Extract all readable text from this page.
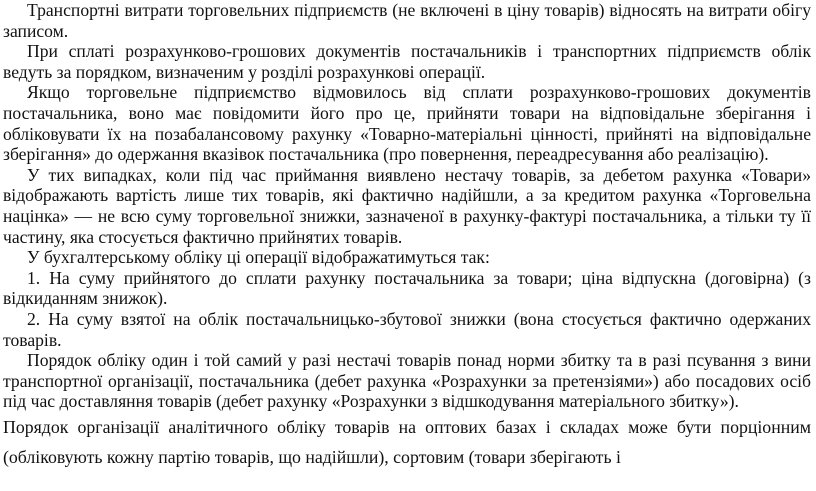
Транспортні витрати торговельних підприємств (не включені в ціну товарів) відносять на витрати обігу записом.

При сплаті розрахунково-грошових документів постачальників і транспортних підприємств облік ведуть за порядком, визначеним у розділі розрахункові операції.

Якщо торговельне підприємство відмовилось від сплати розрахунково-грошових документів постачальника, воно має повідомити його про це, прийняти товари на відповідальне зберігання і обліковувати їх на позабалансовому рахунку «Товарно-матеріальні цінності, прийняті на відповідальне зберігання» до одержання вказівок постачальника (про повернення, переадресування або реалізацію).

У тих випадках, коли під час приймання виявлено нестачу товарів, за дебетом рахунка «Товари» відображають вартість лише тих товарів, які фактично надійшли, а за кредитом рахунка «Торговельна націнка» — не всю суму торговельної знижки, зазначеної в рахунку-фактурі постачальника, а тільки ту її частину, яка стосується фактично прийнятих товарів.

У бухгалтерському обліку ці операції відображатимуться так:

1. На суму прийнятого до сплати рахунку постачальника за товари; ціна відпускна (договірна) (з відкиданням знижок).

2. На суму взятої на облік постачальницько-збутової знижки (вона стосується фактично одержаних товарів.

Порядок обліку один і той самий у разі нестачі товарів понад норми збитку та в разі псування з вини транспортної організації, постачальника (дебет рахунка «Розрахунки за претензіями») або посадових осіб під час доставляння товарів (дебет рахунку «Розрахунки з відшкодування матеріального збитку»).

Порядок організації аналітичного обліку товарів на оптових базах і складах може бути порціонним (обліковують кожну партію товарів, що надійшли), сортовим (товари зберігають і
